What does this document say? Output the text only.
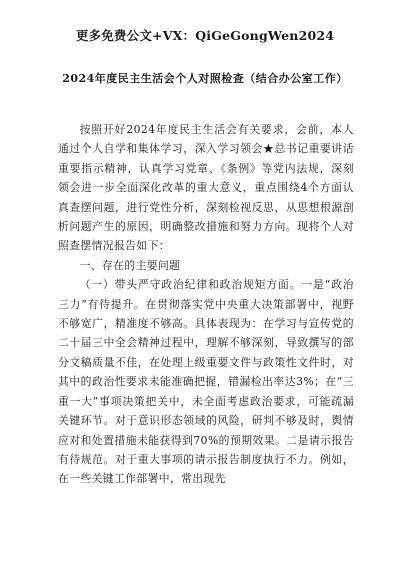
更多免费公文+VX：QiGeGongWen2024
2024年度民主生活会个人对照检查（结合办公室工作）

按照开好2024年度民主生活会有关要求，会前，本人通过个人自学和集体学习，深入学习领会★总书记重要讲话重要指示精神，认真学习党章、《条例》等党内法规，深刻领会进一步全面深化改革的重大意义，重点围绕4个方面认真查摆问题，进行党性分析，深刻检视反思，从思想根源剖析问题产生的原因，明确整改措施和努力方向。现将个人对照查摆情况报告如下：

一、存在的主要问题

（一）带头严守政治纪律和政治规矩方面。一是“政治三力”有待提升。在贯彻落实党中央重大决策部署中，视野不够宽广，精准度不够高。具体表现为：在学习与宣传党的二十届三中全会精神过程中，理解不够深刻，导致撰写的部分文稿质量不佳，在处理上级重要文件与政策性文件时，对其中的政治性要求未能准确把握，错漏检出率达3%；在“三重一大”事项决策把关中，未全面考虑政治要求，可能疏漏关键环节。对于意识形态领域的风险，研判不够及时，舆情应对和处置措施未能获得到70%的预期效果。二是请示报告有待规范。对于重大事项的请示报告制度执行不力。例如，在一些关键工作部署中，常出现先
